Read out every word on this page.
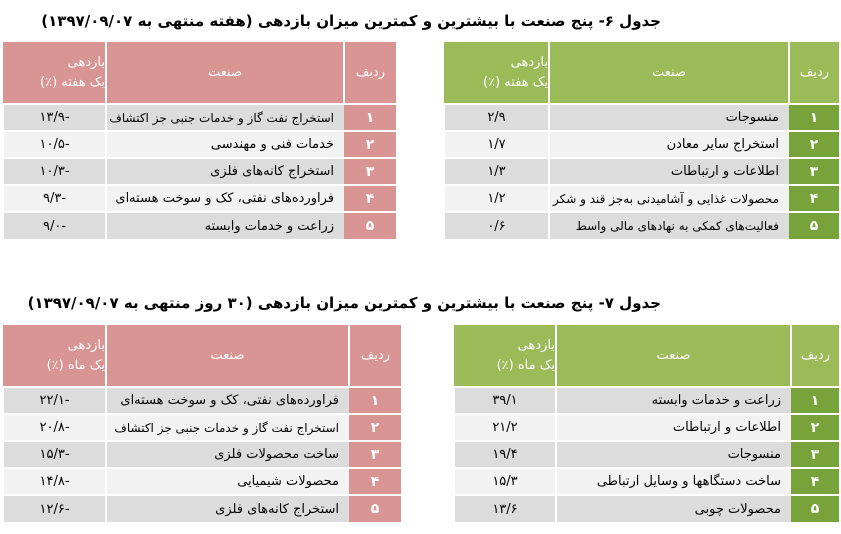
جدول ۶- پنج صنعت با بیشترین و کمترین میزان بازدهی (هفته منتهی به ۱۳۹۷/۰۹/۰۷)
ردیف	صنعت	بازدهی
یک هفته (٪)

۱	منسوجات	۲/۹
۲	استخراج سایر معادن	۱/۷
۳	اطلاعات و ارتباطات	۱/۳
۴	محصولات غذایی و آشامیدنی به‌جز قند و شکر	۱/۲
۵	فعالیت‌های کمکی به نهادهای مالی واسط	۰/۶
ردیف	صنعت	بازدهی
یک هفته (٪)

۱	استخراج نفت گاز و خدمات جنبی جز اکتشاف	-۱۳/۹
۲	خدمات فنی و مهندسی	-۱۰/۵
۳	استخراج کانه‌های فلزی	-۱۰/۳
۴	فراورده‌های نفتی، کک و سوخت هسته‌ای	-۹/۳
۵	زراعت و خدمات وابسته	-۹/۰
جدول ۷- پنج صنعت با بیشترین و کمترین میزان بازدهی (۳۰ روز منتهی به ۱۳۹۷/۰۹/۰۷)
ردیف	صنعت	بازدهی
یک ماه (٪)

۱	زراعت و خدمات وابسته	۳۹/۱
۲	اطلاعات و ارتباطات	۲۱/۲
۳	منسوجات	۱۹/۴
۴	ساخت دستگاهها و وسایل ارتباطی	۱۵/۳
۵	محصولات چوبی	۱۳/۶
ردیف	صنعت	بازدهی
یک ماه (٪)

۱	فراورده‌های نفتی، کک و سوخت هسته‌ای	-۲۲/۱
۲	استخراج نفت گاز و خدمات جنبی جز اکتشاف	-۲۰/۸
۳	ساخت محصولات فلزی	-۱۵/۳
۴	محصولات شیمیایی	-۱۴/۸
۵	استخراج کانه‌های فلزی	-۱۲/۶
